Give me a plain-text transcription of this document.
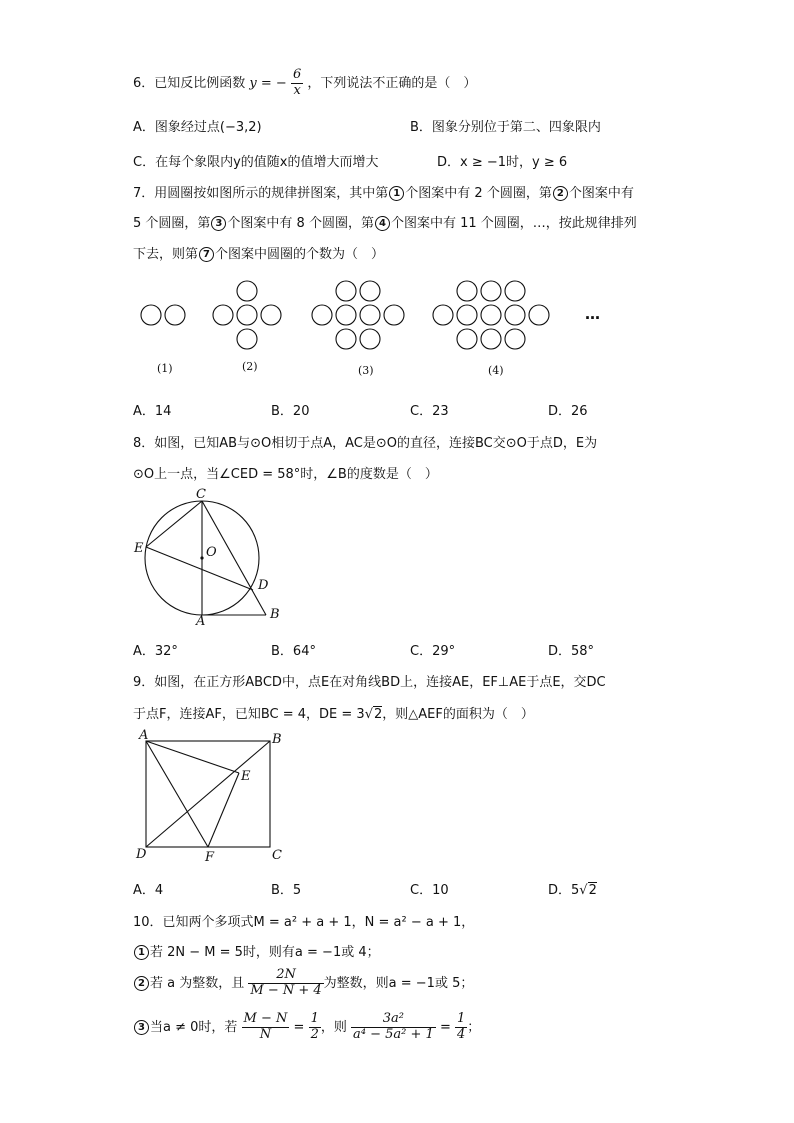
6．已知反比例函数 y = − $\frac{6}{x}$ ，下列说法不正确的是（　）
A．图象经过点(−3,2)	B．图象分别位于第二、四象限内
C．在每个象限内y的值随x的值增大而增大	D．x ≥ −1时，y ≥ 6
7．用圆圈按如图所示的规律拼图案，其中第 1 个图案中有 2 个圆圈，第 2 个图案中有
5 个圆圈，第 3 个图案中有 8 个圆圈，第 4 个图案中有 11 个圆圈，…，按此规律排列
下去，则第 7 个图案中圆圈的个数为（　）
…
(1)	(2)	(3)	(4)
A．14	B．20	C．23	D．26
8．如图，已知AB与⊙O相切于点A，AC是⊙O的直径，连接BC交⊙O于点D，E为
⊙O上一点，当∠CED = 58°时，∠B的度数是（　）
C
O
E
D
A	B
A．32°	B．64°	C．29°	D．58°
9．如图，在正方形ABCD中，点E在对角线BD上，连接AE，EF⊥AE于点E，交DC
于点F，连接AF，已知BC = 4，DE = 3√2，则△AEF的面积为（　）
A	B
E
D	F	C
A．4	B．5	C．10	D．5√2
10．已知两个多项式M = a² + a + 1，N = a² − a + 1，
1 若 2N − M = 5时，则有a = −1或 4；
2 若 a 为整数，且 $\frac{2N}{M - N + 4}$ 为整数，则a = −1或 5；
3 当a ≠ 0时，若 $\frac{M - N}{N} = \frac{1}{2}$ ，则 $\frac{\text{3a²}}{\text{a⁴ − 5a² + 1}} = \frac{1}{4}$ ；
